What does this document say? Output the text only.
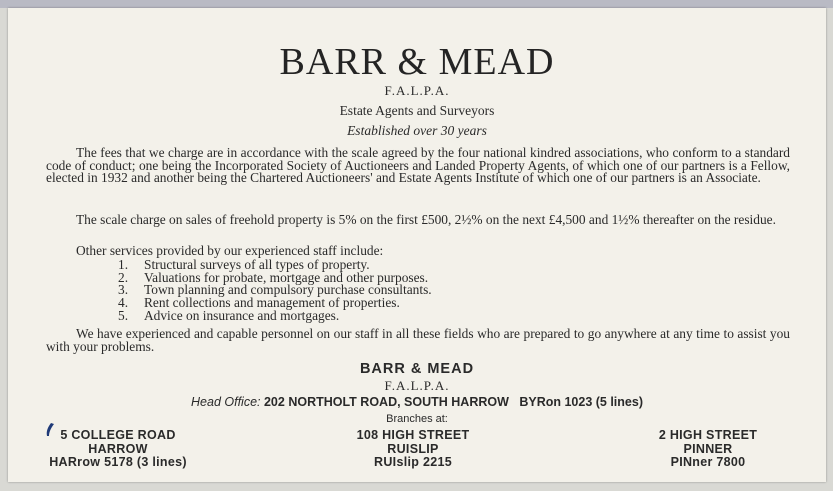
BARR & MEAD
F.A.L.P.A.
Estate Agents and Surveyors
Established over 30 years
The fees that we charge are in accordance with the scale agreed by the four national kindred associations, who conform to a standard code of conduct; one being the Incorporated Society of Auctioneers and Landed Property Agents, of which one of our partners is a Fellow, elected in 1932 and another being the Chartered Auctioneers' and Estate Agents Institute of which one of our partners is an Associate.
The scale charge on sales of freehold property is 5% on the first £500, 2½% on the next £4,500 and 1½% thereafter on the residue.
Other services provided by our experienced staff include:
1.	Structural surveys of all types of property.
2.	Valuations for probate, mortgage and other purposes.
3.	Town planning and compulsory purchase consultants.
4.	Rent collections and management of properties.
5.	Advice on insurance and mortgages.
We have experienced and capable personnel on our staff in all these fields who are prepared to go anywhere at any time to assist you with your problems.
BARR & MEAD
F.A.L.P.A.
Head Office: 202 NORTHOLT ROAD, SOUTH HARROW BYRon 1023 (5 lines)
Branches at:
5 COLLEGE ROAD
HARROW
HARrow 5178 (3 lines)
108 HIGH STREET
RUISLIP
RUIslip 2215
2 HIGH STREET
PINNER
PINner 7800
